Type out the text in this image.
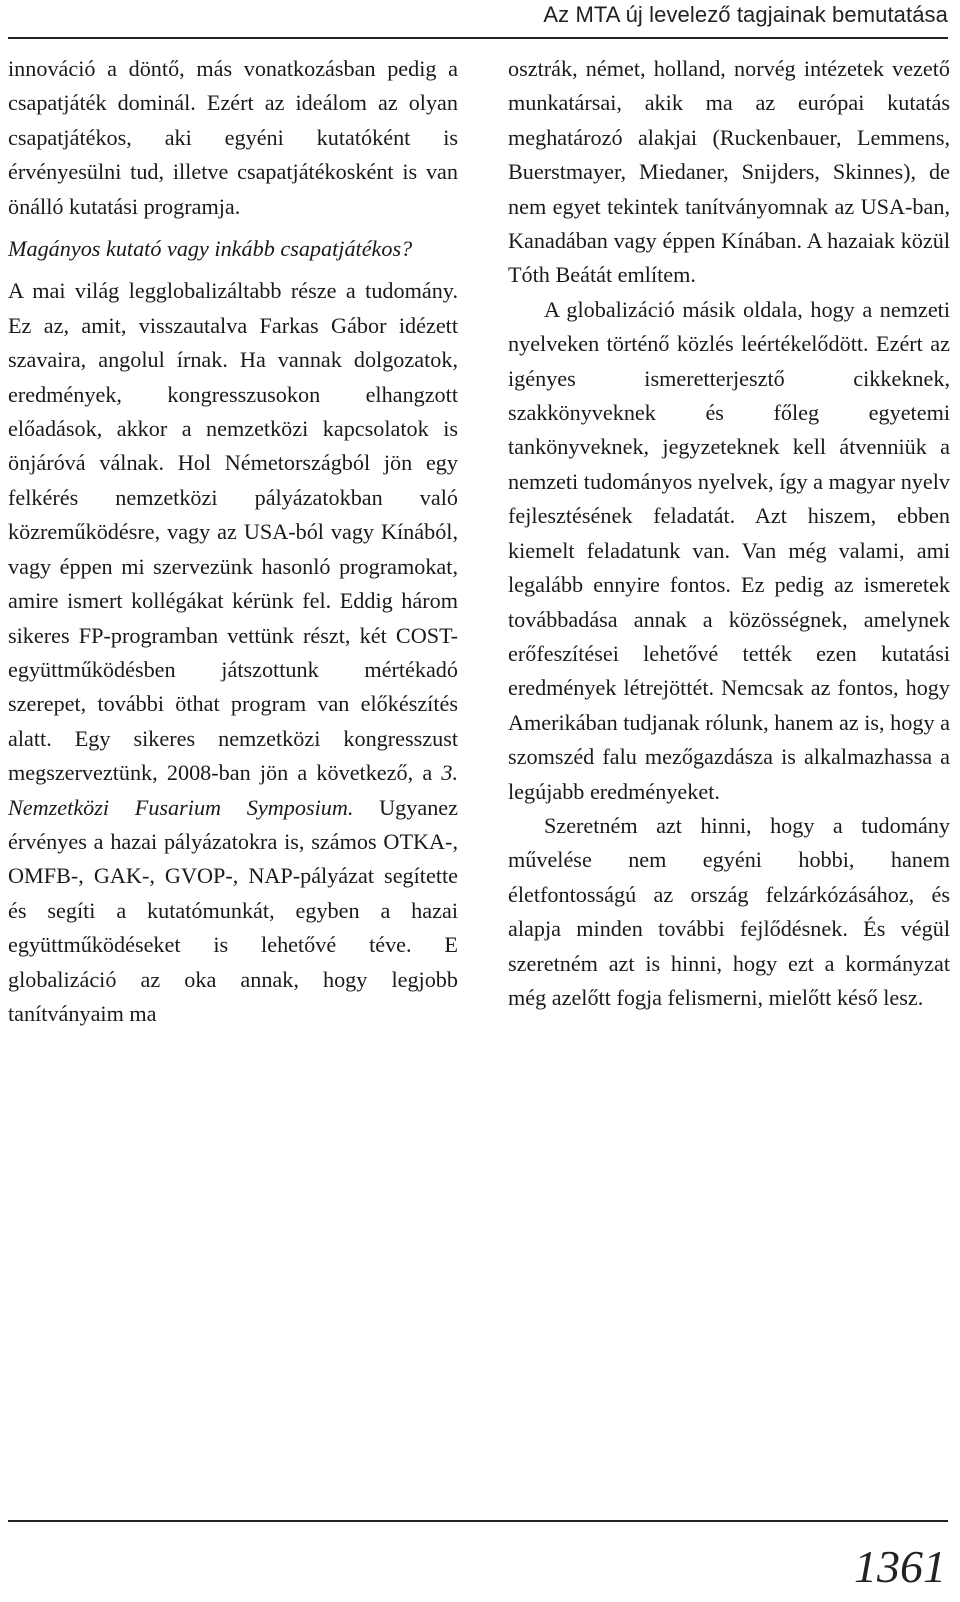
Az MTA új levelező tagjainak bemutatása

innováció a döntő, más vonatkozásban pedig a csapatjáték dominál. Ezért az ideálom az olyan csapatjátékos, aki egyéni kutatóként is érvényesülni tud, illetve csapatjátékosként is van önálló kutatási programja.

Magányos kutató vagy inkább csapatjátékos?

A mai világ legglobalizáltabb része a tudomány. Ez az, amit, visszautalva Farkas Gábor idézett szavaira, angolul írnak. Ha vannak dolgozatok, eredmények, kongresszusokon elhangzott előadások, akkor a nemzetközi kapcsolatok is önjáróvá válnak. Hol Németországból jön egy felkérés nemzetközi pályázatokban való közreműködésre, vagy az USA-ból vagy Kínából, vagy éppen mi szervezünk hasonló programokat, amire ismert kollégákat kérünk fel. Eddig három sikeres FP-programban vettünk részt, két COST-együttműködésben játszottunk mértékadó szerepet, további öthat program van előkészítés alatt. Egy sikeres nemzetközi kongresszust megszerveztünk, 2008-ban jön a következő, a 3. Nemzetközi Fusarium Symposium. Ugyanez érvényes a hazai pályázatokra is, számos OTKA-, OMFB-, GAK-, GVOP-, NAP-pályázat segítette és segíti a kutatómunkát, egyben a hazai együttműködéseket is lehetővé téve. E globalizáció az oka annak, hogy legjobb tanítványaim ma

osztrák, német, holland, norvég intézetek vezető munkatársai, akik ma az európai kutatás meghatározó alakjai (Ruckenbauer, Lemmens, Buerstmayer, Miedaner, Snijders, Skinnes), de nem egyet tekintek tanítványomnak az USA-ban, Kanadában vagy éppen Kínában. A hazaiak közül Tóth Beátát említem.

A globalizáció másik oldala, hogy a nemzeti nyelveken történő közlés leértékelődött. Ezért az igényes ismeretterjesztő cikkeknek, szakkönyveknek és főleg egyetemi tankönyveknek, jegyzeteknek kell átvenniük a nemzeti tudományos nyelvek, így a magyar nyelv fejlesztésének feladatát. Azt hiszem, ebben kiemelt feladatunk van. Van még valami, ami legalább ennyire fontos. Ez pedig az ismeretek továbbadása annak a közösségnek, amelynek erőfeszítései lehetővé tették ezen kutatási eredmények létrejöttét. Nemcsak az fontos, hogy Amerikában tudjanak rólunk, hanem az is, hogy a szomszéd falu mezőgazdásza is alkalmazhassa a legújabb eredményeket.

Szeretném azt hinni, hogy a tudomány művelése nem egyéni hobbi, hanem életfontosságú az ország felzárkózásához, és alapja minden további fejlődésnek. És végül szeretném azt is hinni, hogy ezt a kormányzat még azelőtt fogja felismerni, mielőtt késő lesz.

1361
